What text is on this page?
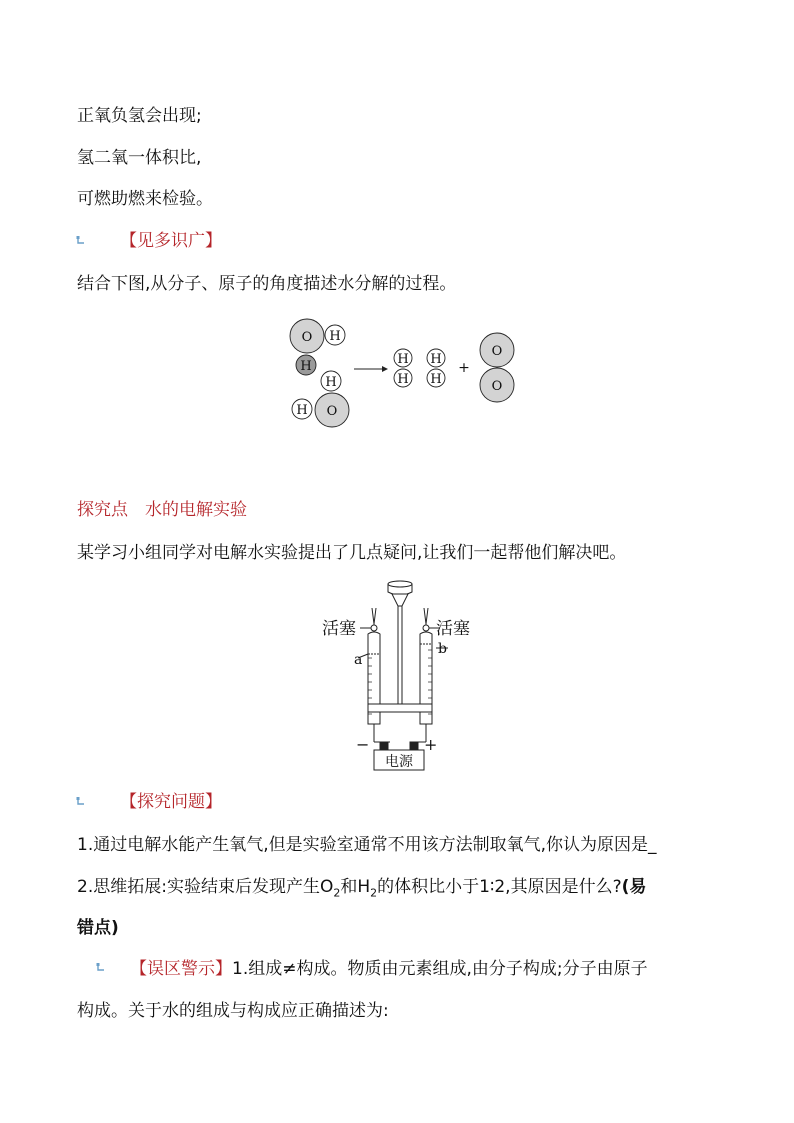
正氧负氢会出现;
氢二氧一体积比,
可燃助燃来检验。
【见多识广】
结合下图,从分子、原子的角度描述水分解的过程。
O H
H
H
O
H
H
H
H
H
+
O
O
探究点　水的电解实验
某学习小组同学对电解水实验提出了几点疑问,让我们一起帮他们解决吧。
活塞	活塞
a
b
−	+
电源
【探究问题】
1.通过电解水能产生氧气,但是实验室通常不用该方法制取氧气,你认为原因是_
2.思维拓展:实验结束后发现产生$O_2$和$H_2$的体积比小于1∶2,其原因是什么?(易
错点)
【误区警示】1.组成≠构成。物质由元素组成,由分子构成;分子由原子
构成。关于水的组成与构成应正确描述为:
